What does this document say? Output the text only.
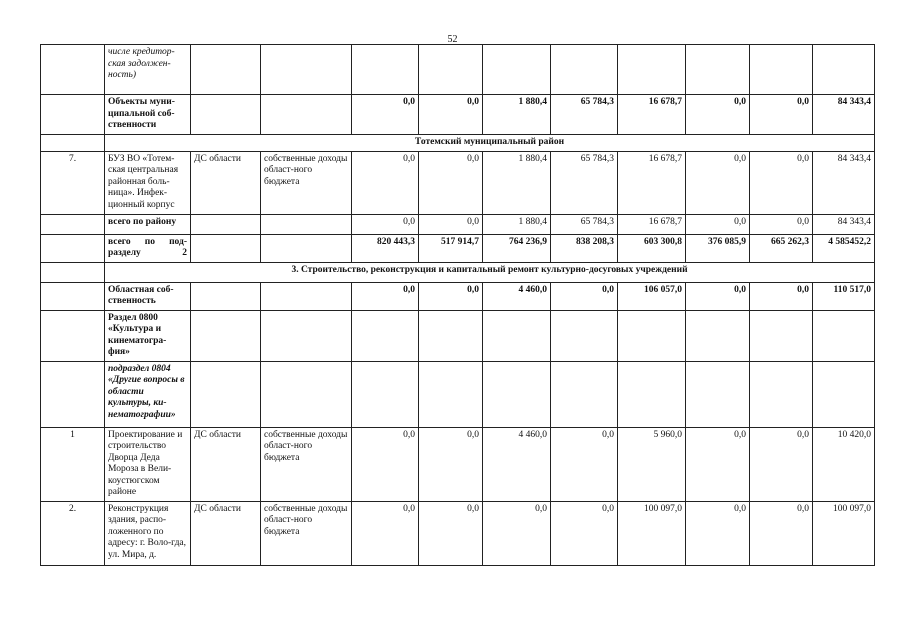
52
	числе кредитор-ская задолжен-ность)										
	Объекты муни-ципальной соб-ственности			0,0	0,0	1 880,4	65 784,3	16 678,7	0,0	0,0	84 343,4
	Тотемский муниципальный район										
7.	БУЗ ВО «Тотем-ская центральная районная боль-ница». Инфек-ционный корпус	ДС области	собственные доходы област-ного бюджета	0,0	0,0	1 880,4	65 784,3	16 678,7	0,0	0,0	84 343,4
	всего по району			0,0	0,0	1 880,4	65 784,3	16 678,7	0,0	0,0	84 343,4
	всего по под-разделу 2			820 443,3	517 914,7	764 236,9	838 208,3	603 300,8	376 085,9	665 262,3	4 585452,2
	3. Строительство, реконструкция и капитальный ремонт культурно-досуговых учреждений										
	Областная соб-ственность			0,0	0,0	4 460,0	0,0	106 057,0	0,0	0,0	110 517,0
	Раздел 0800 «Культура и кинематогра-фия»										
	подраздел 0804 «Другие вопросы в области культуры, ки-нематографии»										
1	Проектирование и строительство Дворца Деда Мороза в Вели-коустюгском районе	ДС области	собственные доходы област-ного бюджета	0,0	0,0	4 460,0	0,0	5 960,0	0,0	0,0	10 420,0
2.	Реконструкция здания, распо-ложенного по адресу: г. Воло-гда, ул. Мира, д.	ДС области	собственные доходы област-ного бюджета	0,0	0,0	0,0	0,0	100 097,0	0,0	0,0	100 097,0
